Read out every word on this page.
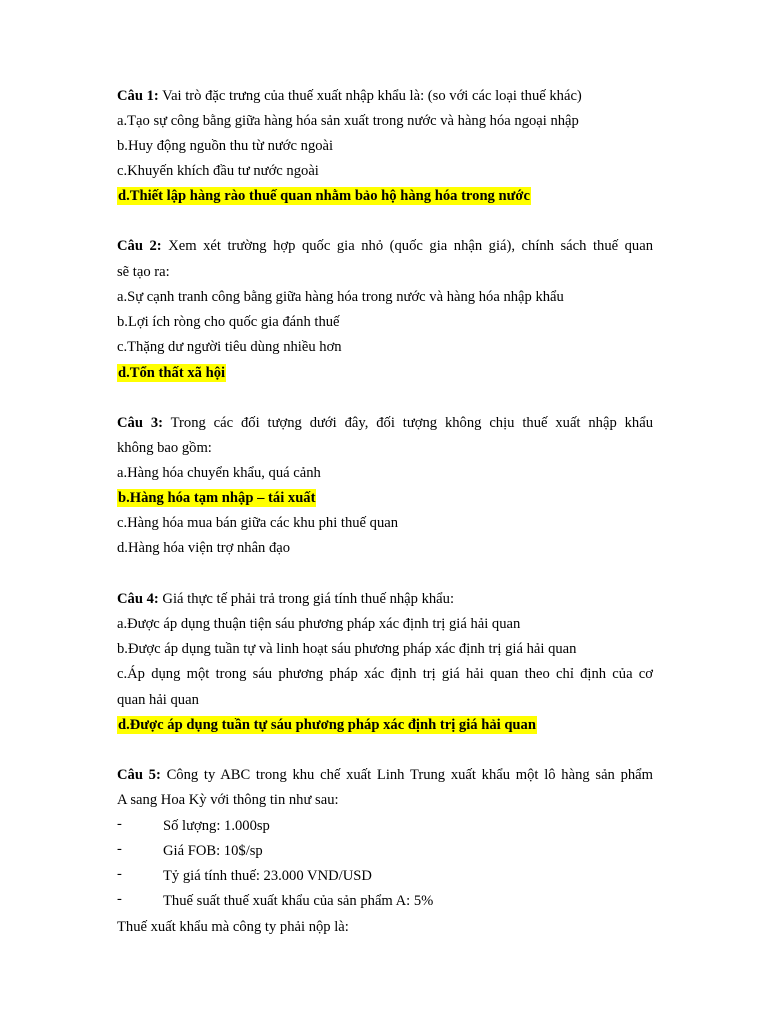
Câu 1: Vai trò đặc trưng của thuế xuất nhập khẩu là: (so với các loại thuế khác)
a.Tạo sự công bằng giữa hàng hóa sản xuất trong nước và hàng hóa ngoại nhập
b.Huy động nguồn thu từ nước ngoài
c.Khuyến khích đầu tư nước ngoài
d.Thiết lập hàng rào thuế quan nhằm bảo hộ hàng hóa trong nước
Câu 2: Xem xét trường hợp quốc gia nhỏ (quốc gia nhận giá), chính sách thuế quan
sẽ tạo ra:
a.Sự cạnh tranh công bằng giữa hàng hóa trong nước và hàng hóa nhập khẩu
b.Lợi ích ròng cho quốc gia đánh thuế
c.Thặng dư người tiêu dùng nhiều hơn
d.Tổn thất xã hội
Câu 3: Trong các đối tượng dưới đây, đối tượng không chịu thuế xuất nhập khẩu
không bao gồm:
a.Hàng hóa chuyển khẩu, quá cảnh
b.Hàng hóa tạm nhập – tái xuất
c.Hàng hóa mua bán giữa các khu phi thuế quan
d.Hàng hóa viện trợ nhân đạo
Câu 4: Giá thực tế phải trả trong giá tính thuế nhập khẩu:
a.Được áp dụng thuận tiện sáu phương pháp xác định trị giá hải quan
b.Được áp dụng tuần tự và linh hoạt sáu phương pháp xác định trị giá hải quan
c.Áp dụng một trong sáu phương pháp xác định trị giá hải quan theo chỉ định của cơ
quan hải quan
d.Được áp dụng tuần tự sáu phương pháp xác định trị giá hải quan
Câu 5: Công ty ABC trong khu chế xuất Linh Trung xuất khẩu một lô hàng sản phẩm
A sang Hoa Kỳ với thông tin như sau:
-	Số lượng: 1.000sp
-	Giá FOB: 10$/sp
-	Tỷ giá tính thuế: 23.000 VND/USD
-	Thuế suất thuế xuất khẩu của sản phẩm A: 5%
Thuế xuất khẩu mà công ty phải nộp là:
